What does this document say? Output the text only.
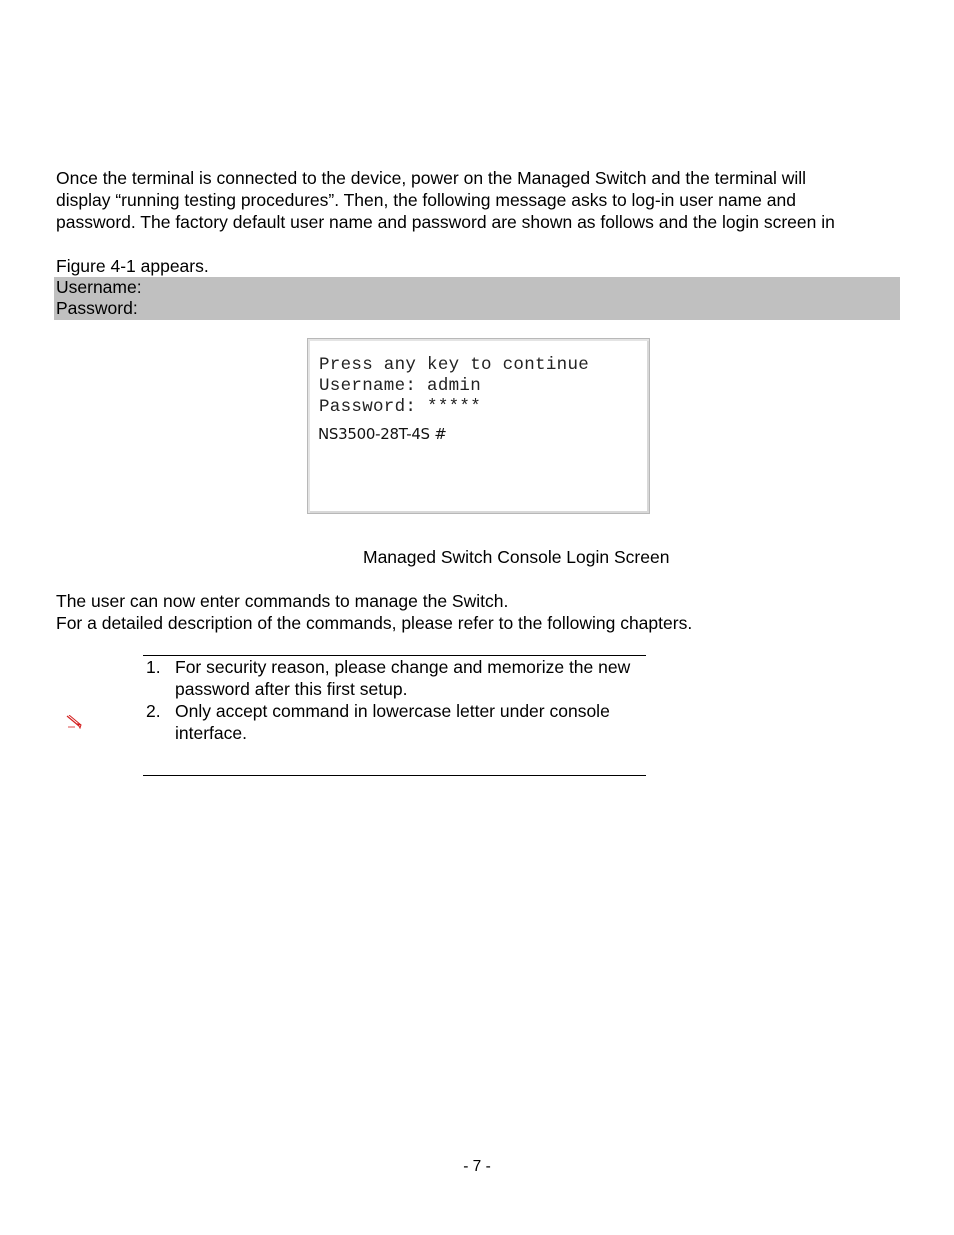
Once the terminal is connected to the device, power on the Managed Switch and the terminal will

display “running testing procedures”. Then, the following message asks to log-in user name and

password. The factory default user name and password are shown as follows and the login screen in

Figure 4-1 appears.

Username:
Password:
Press any key to continue
Username: admin
Password: *****
NS3500-28T-4S #
Managed Switch Console Login Screen

The user can now enter commands to manage the Switch.

For a detailed description of the commands, please refer to the following chapters.

1. For security reason, please change and memorize the new password after this first setup.
2. Only accept command in lowercase letter under console interface.
- 7 -
